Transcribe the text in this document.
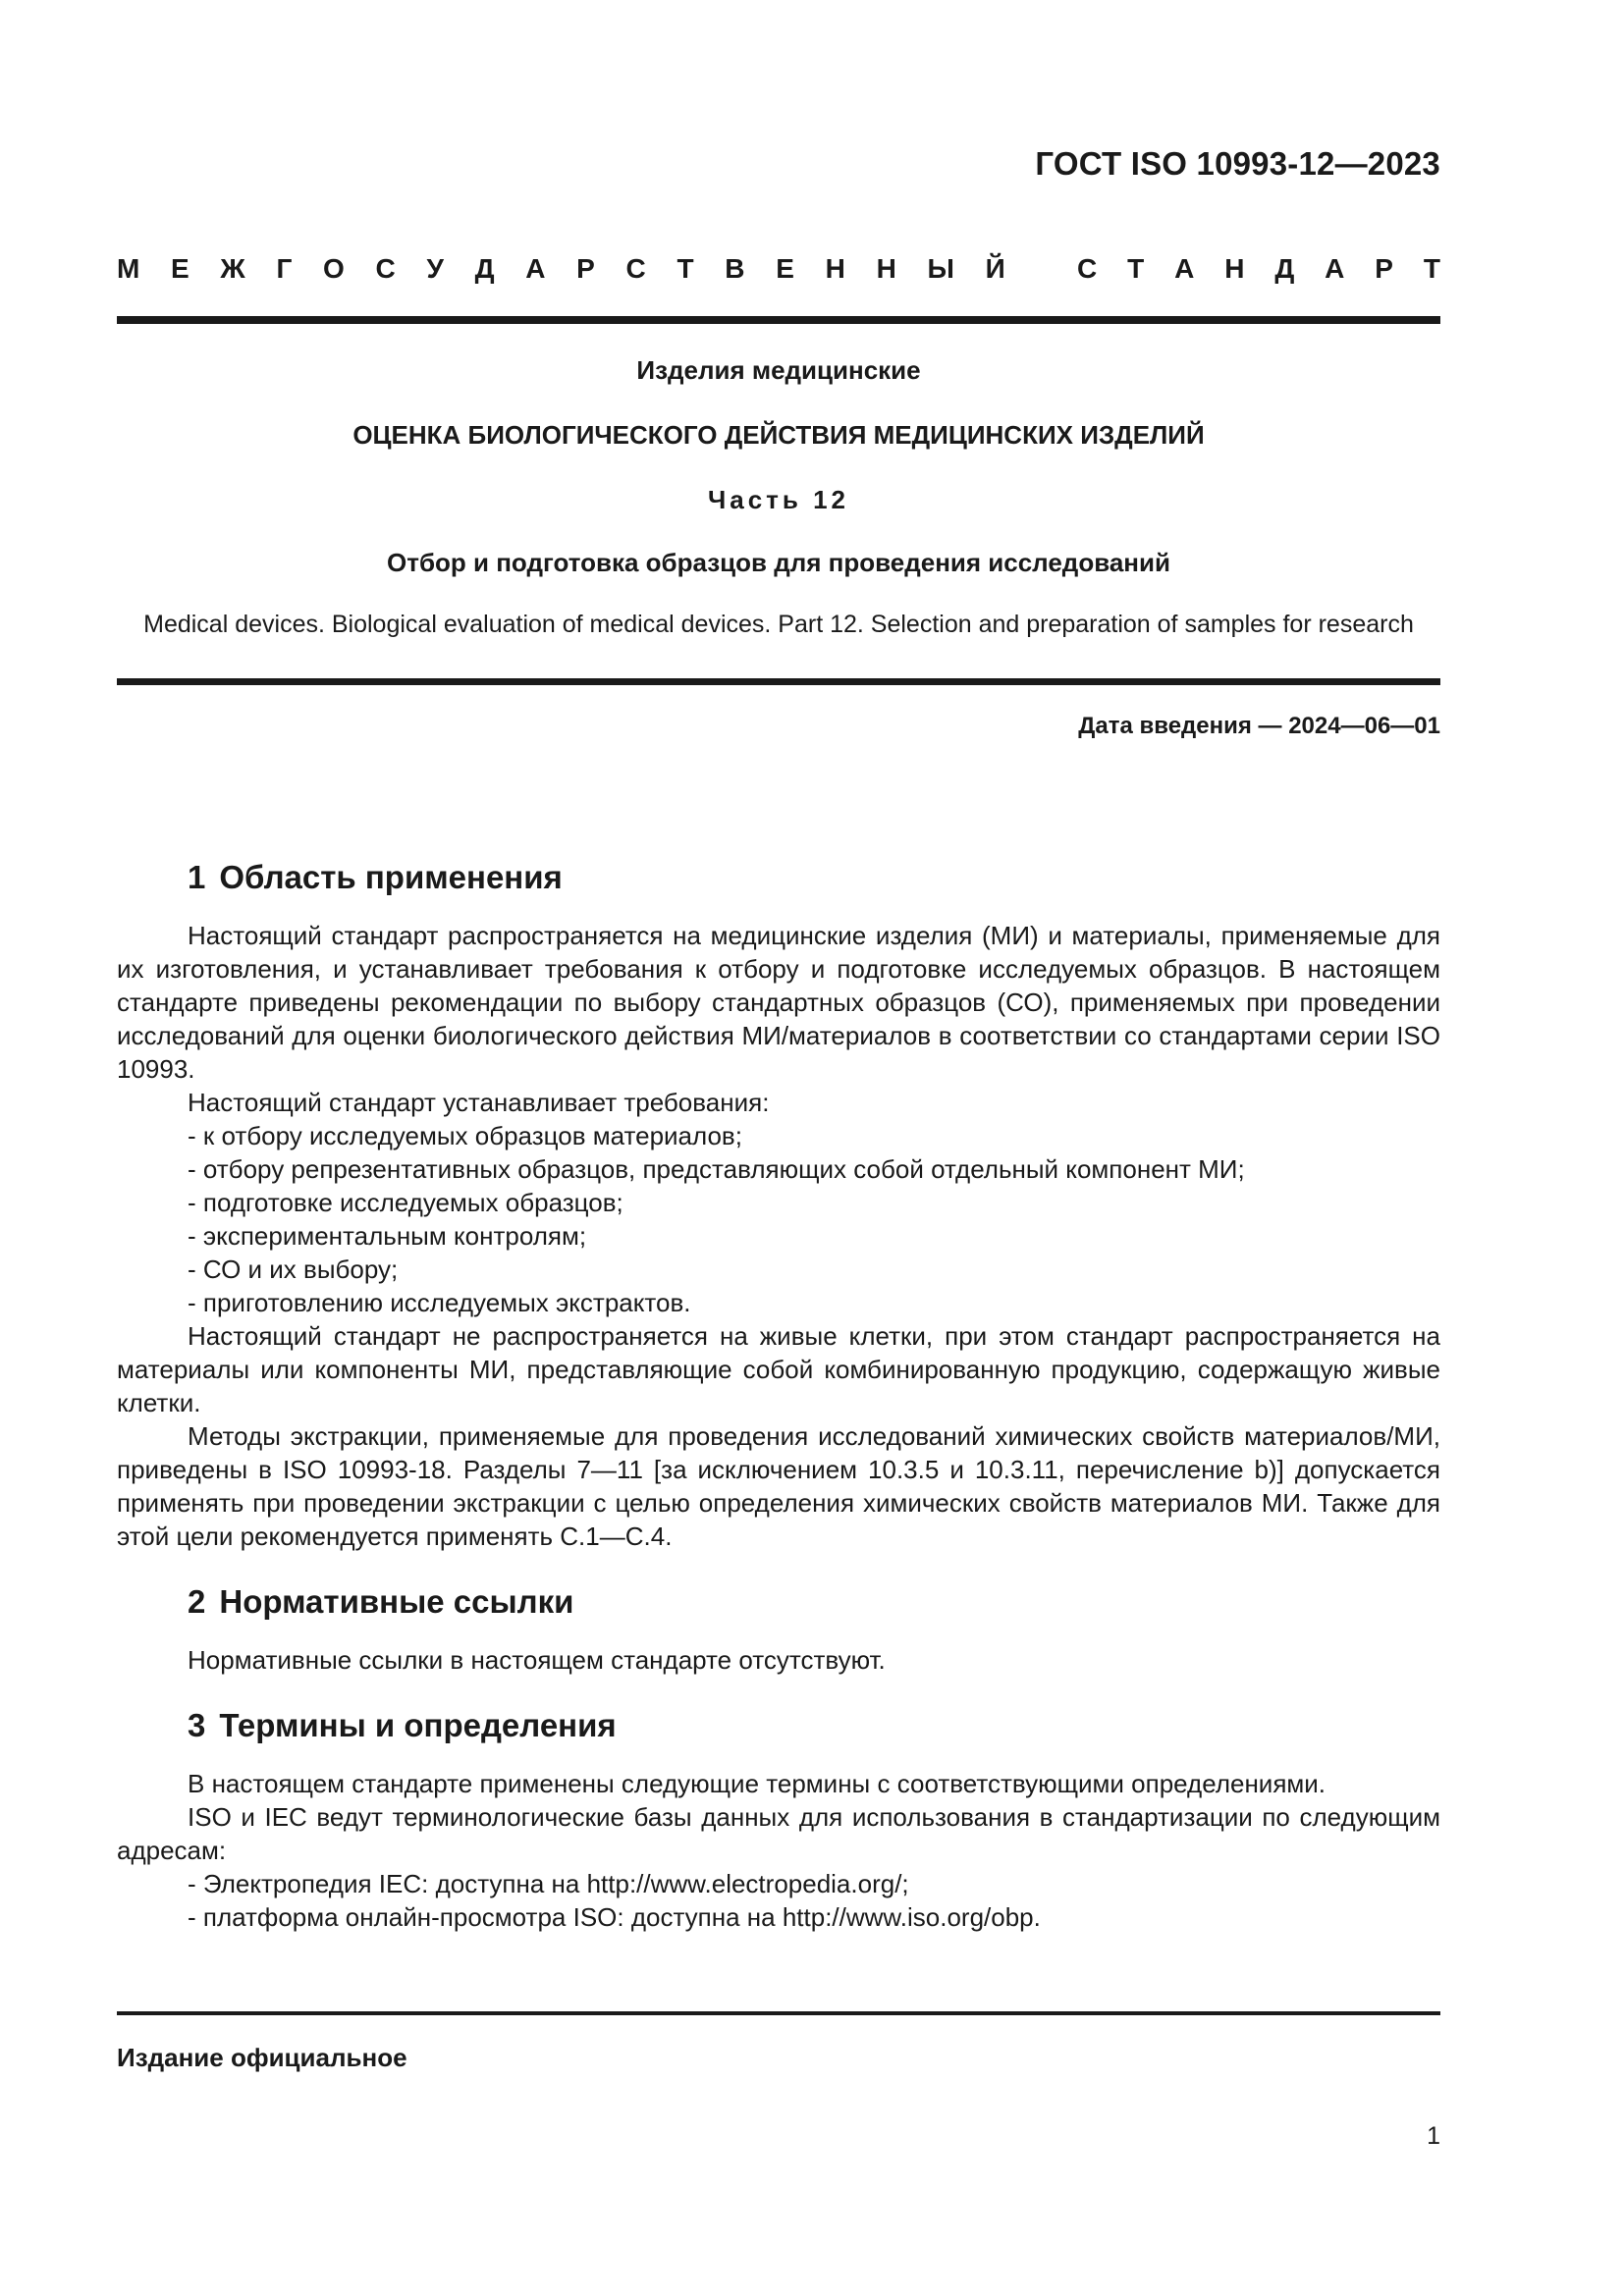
ГОСТ ISO 10993-12—2023
М Е Ж Г О С У Д А Р С Т В Е Н Н Ы Й	С Т А Н Д А Р Т
Изделия медицинские
ОЦЕНКА БИОЛОГИЧЕСКОГО ДЕЙСТВИЯ МЕДИЦИНСКИХ ИЗДЕЛИЙ
Часть 12
Отбор и подготовка образцов для проведения исследований
Medical devices. Biological evaluation of medical devices. Part 12. Selection and preparation of samples for research
Дата введения — 2024—06—01
1 Область применения

Настоящий стандарт распространяется на медицинские изделия (МИ) и материалы, применяемые для их изготовления, и устанавливает требования к отбору и подготовке исследуемых образцов. В настоящем стандарте приведены рекомендации по выбору стандартных образцов (СО), применяемых при проведении исследований для оценки биологического действия МИ/материалов в соответствии со стандартами серии ISO 10993.

Настоящий стандарт устанавливает требования:

- к отбору исследуемых образцов материалов;
- отбору репрезентативных образцов, представляющих собой отдельный компонент МИ;
- подготовке исследуемых образцов;
- экспериментальным контролям;
- СО и их выбору;
- приготовлению исследуемых экстрактов.

Настоящий стандарт не распространяется на живые клетки, при этом стандарт распространяется на материалы или компоненты МИ, представляющие собой комбинированную продукцию, содержащую живые клетки.

Методы экстракции, применяемые для проведения исследований химических свойств материалов/МИ, приведены в ISO 10993-18. Разделы 7—11 [за исключением 10.3.5 и 10.3.11, перечисление b)] допускается применять при проведении экстракции с целью определения химических свойств материалов МИ. Также для этой цели рекомендуется применять С.1—С.4.

2 Нормативные ссылки

Нормативные ссылки в настоящем стандарте отсутствуют.

3 Термины и определения

В настоящем стандарте применены следующие термины с соответствующими определениями.

ISO и IEC ведут терминологические базы данных для использования в стандартизации по следующим адресам:

- Электропедия IEC: доступна на http://www.electropedia.org/;
- платформа онлайн-просмотра ISO: доступна на http://www.iso.org/obp.
Издание официальное
1
